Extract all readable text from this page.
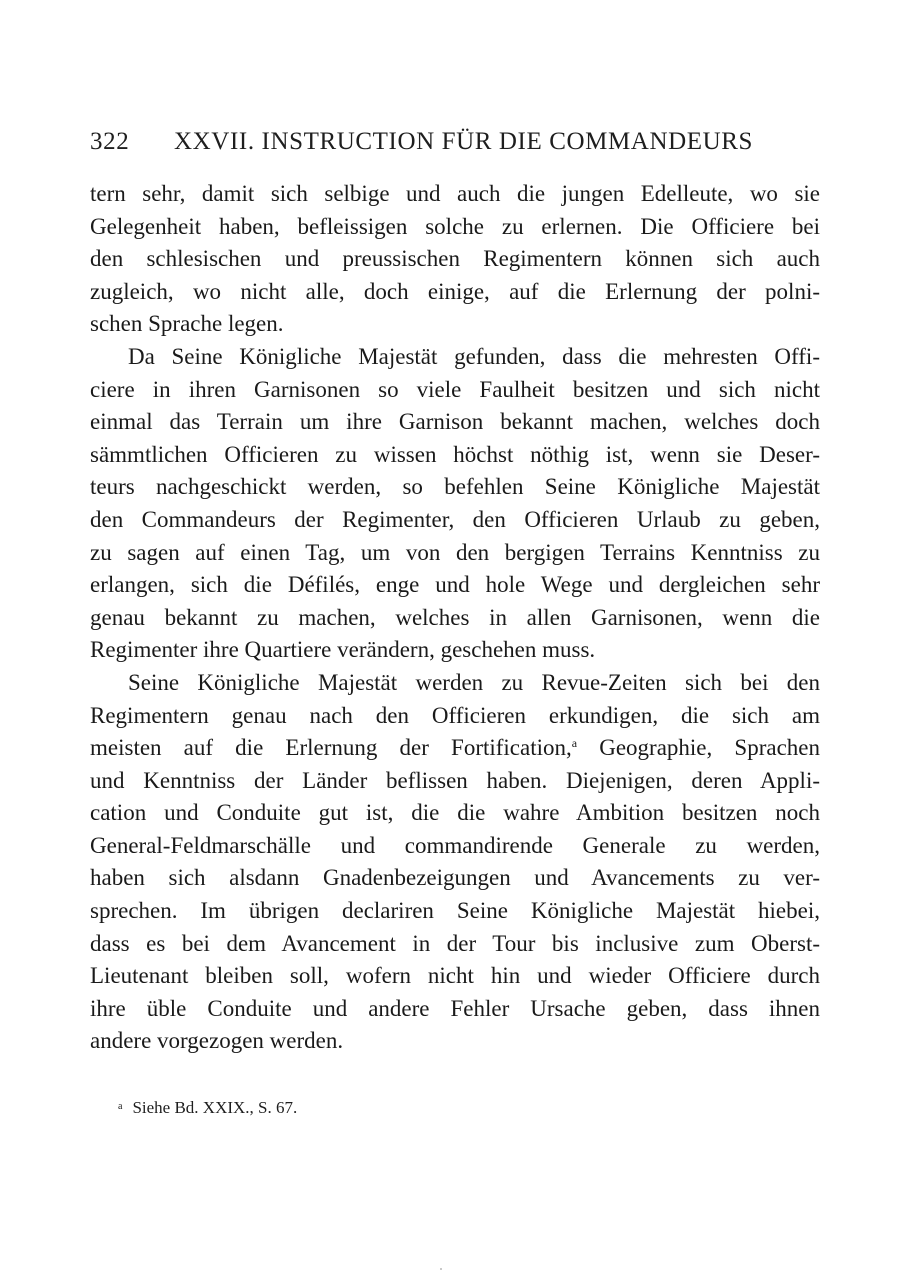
322 XXVII. INSTRUCTION FÜR DIE COMMANDEURS
tern sehr, damit sich selbige und auch die jungen Edelleute, wo sie
Gelegenheit haben, befleissigen solche zu erlernen. Die Officiere bei
den schlesischen und preussischen Regimentern können sich auch
zugleich, wo nicht alle, doch einige, auf die Erlernung der polni-
schen Sprache legen.
Da Seine Königliche Majestät gefunden, dass die mehresten Offi-
ciere in ihren Garnisonen so viele Faulheit besitzen und sich nicht
einmal das Terrain um ihre Garnison bekannt machen, welches doch
sämmtlichen Officieren zu wissen höchst nöthig ist, wenn sie Deser-
teurs nachgeschickt werden, so befehlen Seine Königliche Majestät
den Commandeurs der Regimenter, den Officieren Urlaub zu geben,
zu sagen auf einen Tag, um von den bergigen Terrains Kenntniss zu
erlangen, sich die Défilés, enge und hole Wege und dergleichen sehr
genau bekannt zu machen, welches in allen Garnisonen, wenn die
Regimenter ihre Quartiere verändern, geschehen muss.
Seine Königliche Majestät werden zu Revue-Zeiten sich bei den
Regimentern genau nach den Officieren erkundigen, die sich am
meisten auf die Erlernung der Fortification,$^a$ Geographie, Sprachen
und Kenntniss der Länder beflissen haben. Diejenigen, deren Appli-
cation und Conduite gut ist, die die wahre Ambition besitzen noch
General-Feldmarschälle und commandirende Generale zu werden,
haben sich alsdann Gnadenbezeigungen und Avancements zu ver-
sprechen. Im übrigen declariren Seine Königliche Majestät hiebei,
dass es bei dem Avancement in der Tour bis inclusive zum Oberst-
Lieutenant bleiben soll, wofern nicht hin und wieder Officiere durch
ihre üble Conduite und andere Fehler Ursache geben, dass ihnen
andere vorgezogen werden.
$^a$ Siehe Bd. XXIX., S. 67.
